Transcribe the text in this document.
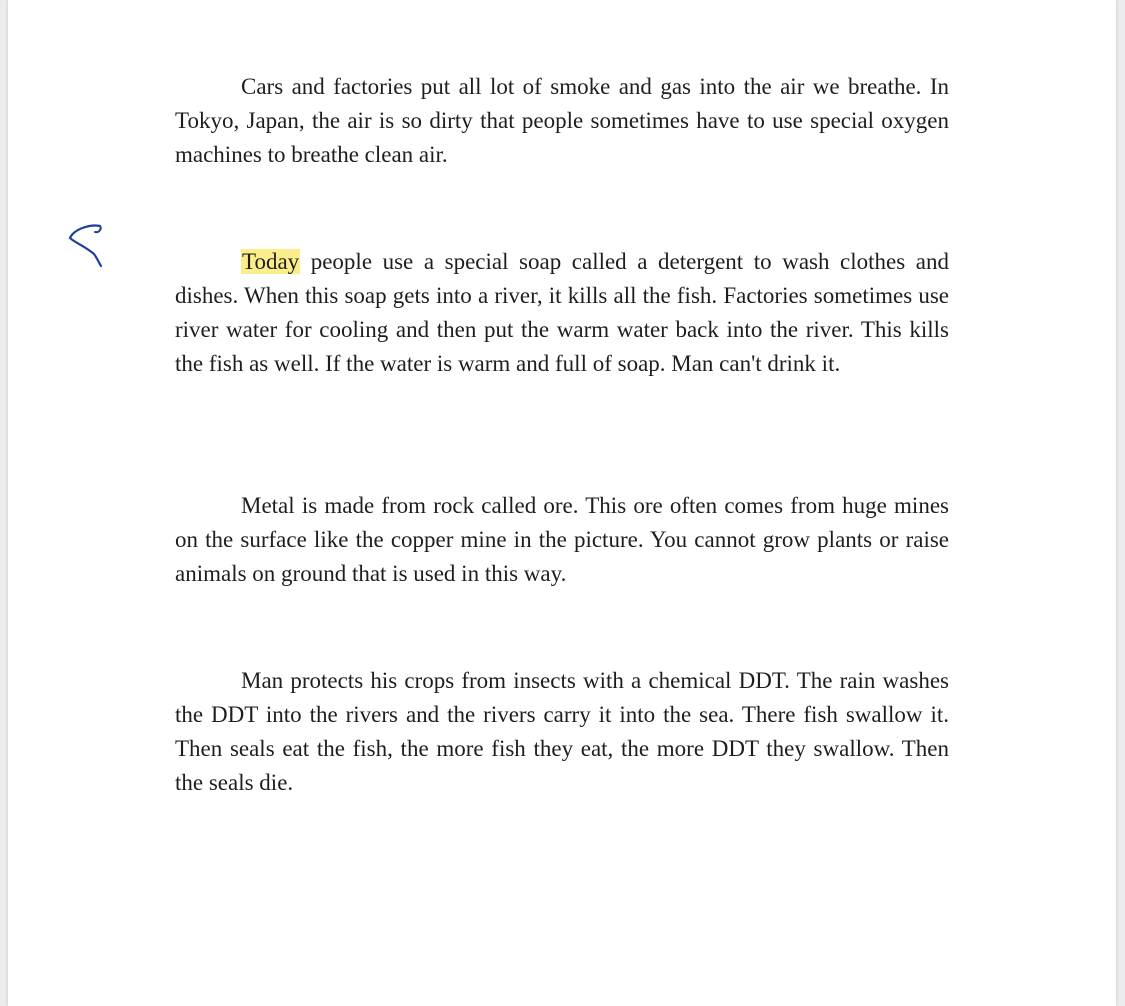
Cars and factories put all lot of smoke and gas into the air we breathe. In Tokyo, Japan, the air is so dirty that people sometimes have to use special oxygen machines to breathe clean air.

Today people use a special soap called a detergent to wash clothes and dishes. When this soap gets into a river, it kills all the fish. Factories sometimes use river water for cooling and then put the warm water back into the river. This kills the fish as well. If the water is warm and full of soap. Man can't drink it.

Metal is made from rock called ore. This ore often comes from huge mines on the surface like the copper mine in the picture. You cannot grow plants or raise animals on ground that is used in this way.

Man protects his crops from insects with a chemical DDT. The rain washes the DDT into the rivers and the rivers carry it into the sea. There fish swallow it. Then seals eat the fish, the more fish they eat, the more DDT they swallow. Then the seals die.
